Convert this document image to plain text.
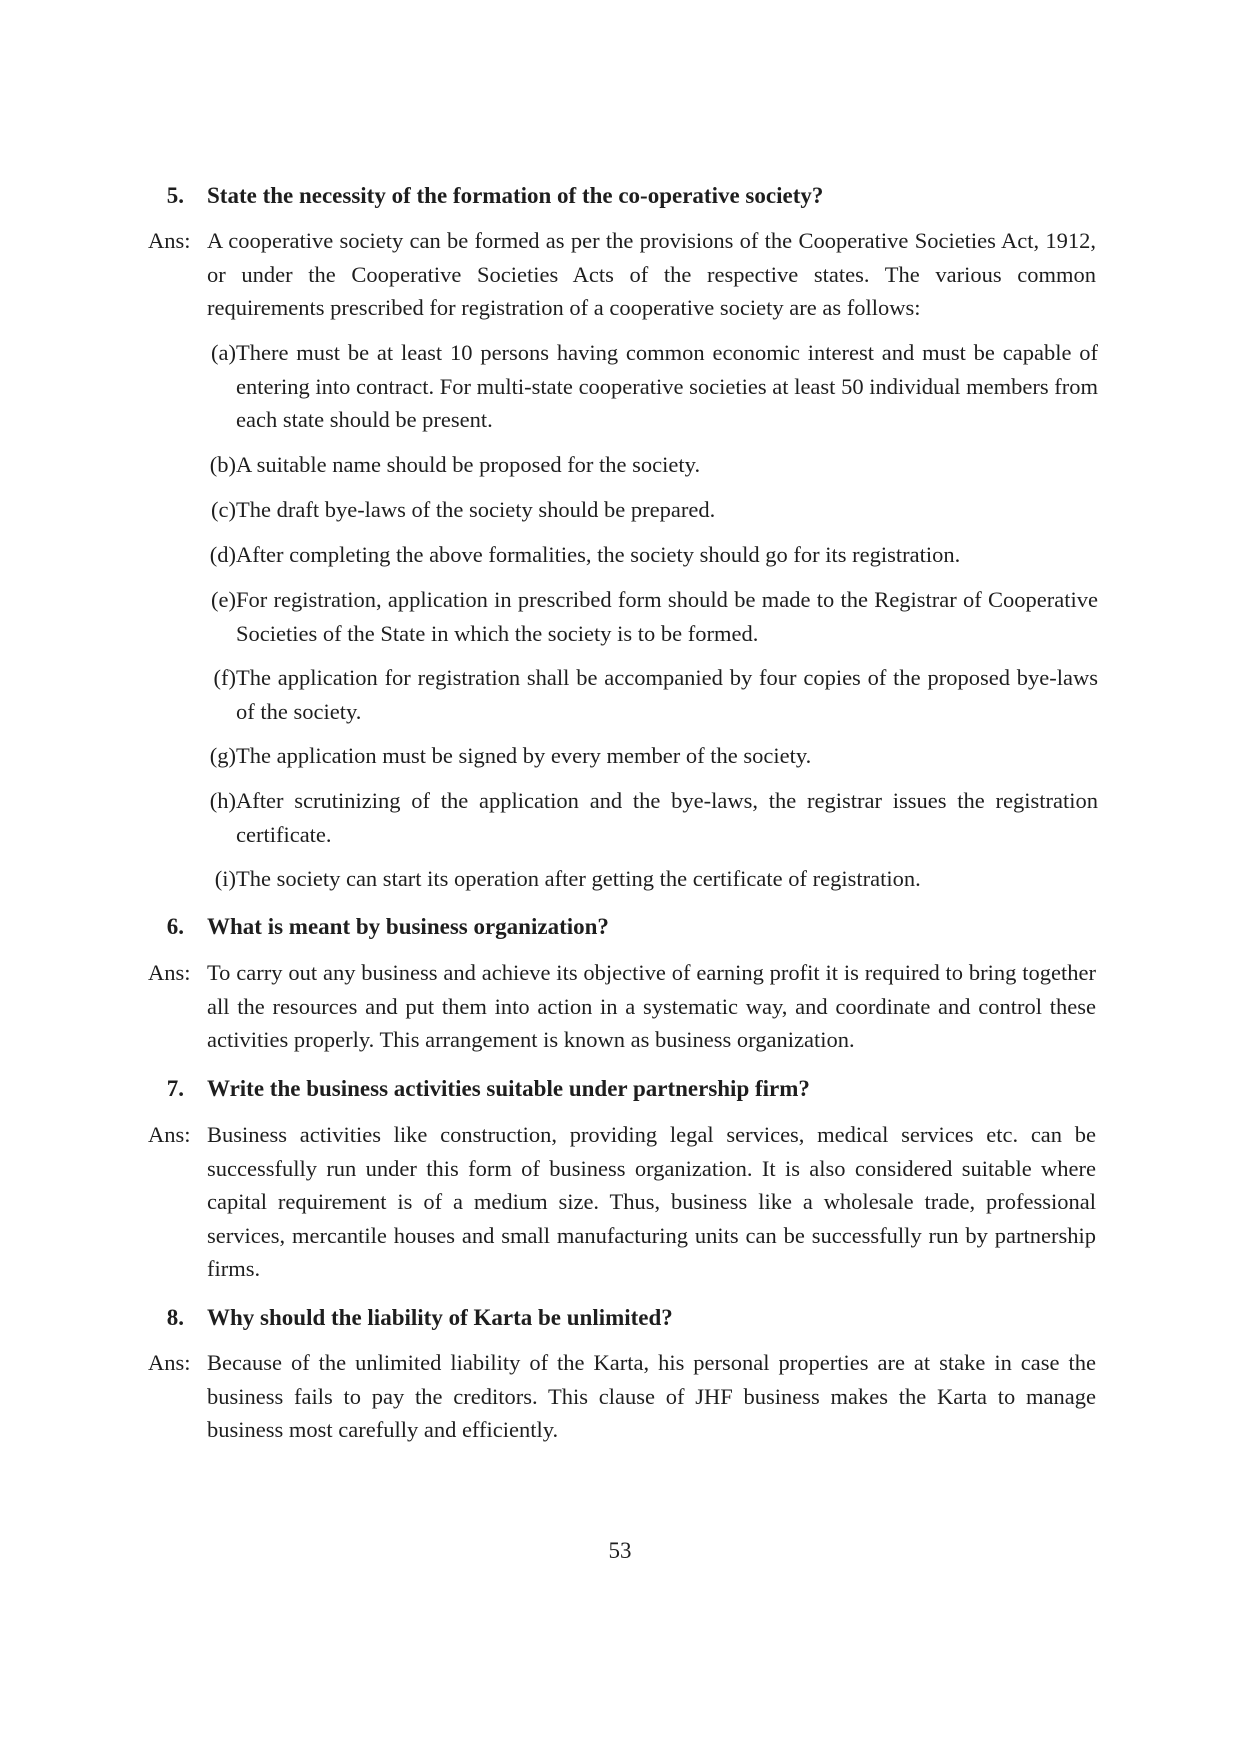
5. State the necessity of the formation of the co-operative society?
Ans: A cooperative society can be formed as per the provisions of the Cooperative Societies Act, 1912, or under the Cooperative Societies Acts of the respective states. The various common requirements prescribed for registration of a cooperative society are as follows:
(a) There must be at least 10 persons having common economic interest and must be capable of entering into contract. For multi-state cooperative societies at least 50 individual members from each state should be present.
(b) A suitable name should be proposed for the society.
(c) The draft bye-laws of the society should be prepared.
(d) After completing the above formalities, the society should go for its registration.
(e) For registration, application in prescribed form should be made to the Registrar of Cooperative Societies of the State in which the society is to be formed.
(f) The application for registration shall be accompanied by four copies of the proposed bye-laws of the society.
(g) The application must be signed by every member of the society.
(h) After scrutinizing of the application and the bye-laws, the registrar issues the registration certificate.
(i) The society can start its operation after getting the certificate of registration.
6. What is meant by business organization?
Ans: To carry out any business and achieve its objective of earning profit it is required to bring together all the resources and put them into action in a systematic way, and coordinate and control these activities properly. This arrangement is known as business organization.
7. Write the business activities suitable under partnership firm?
Ans: Business activities like construction, providing legal services, medical services etc. can be successfully run under this form of business organization. It is also considered suitable where capital requirement is of a medium size. Thus, business like a wholesale trade, professional services, mercantile houses and small manufacturing units can be successfully run by partnership firms.
8. Why should the liability of Karta be unlimited?
Ans: Because of the unlimited liability of the Karta, his personal properties are at stake in case the business fails to pay the creditors. This clause of JHF business makes the Karta to manage business most carefully and efficiently.
53
